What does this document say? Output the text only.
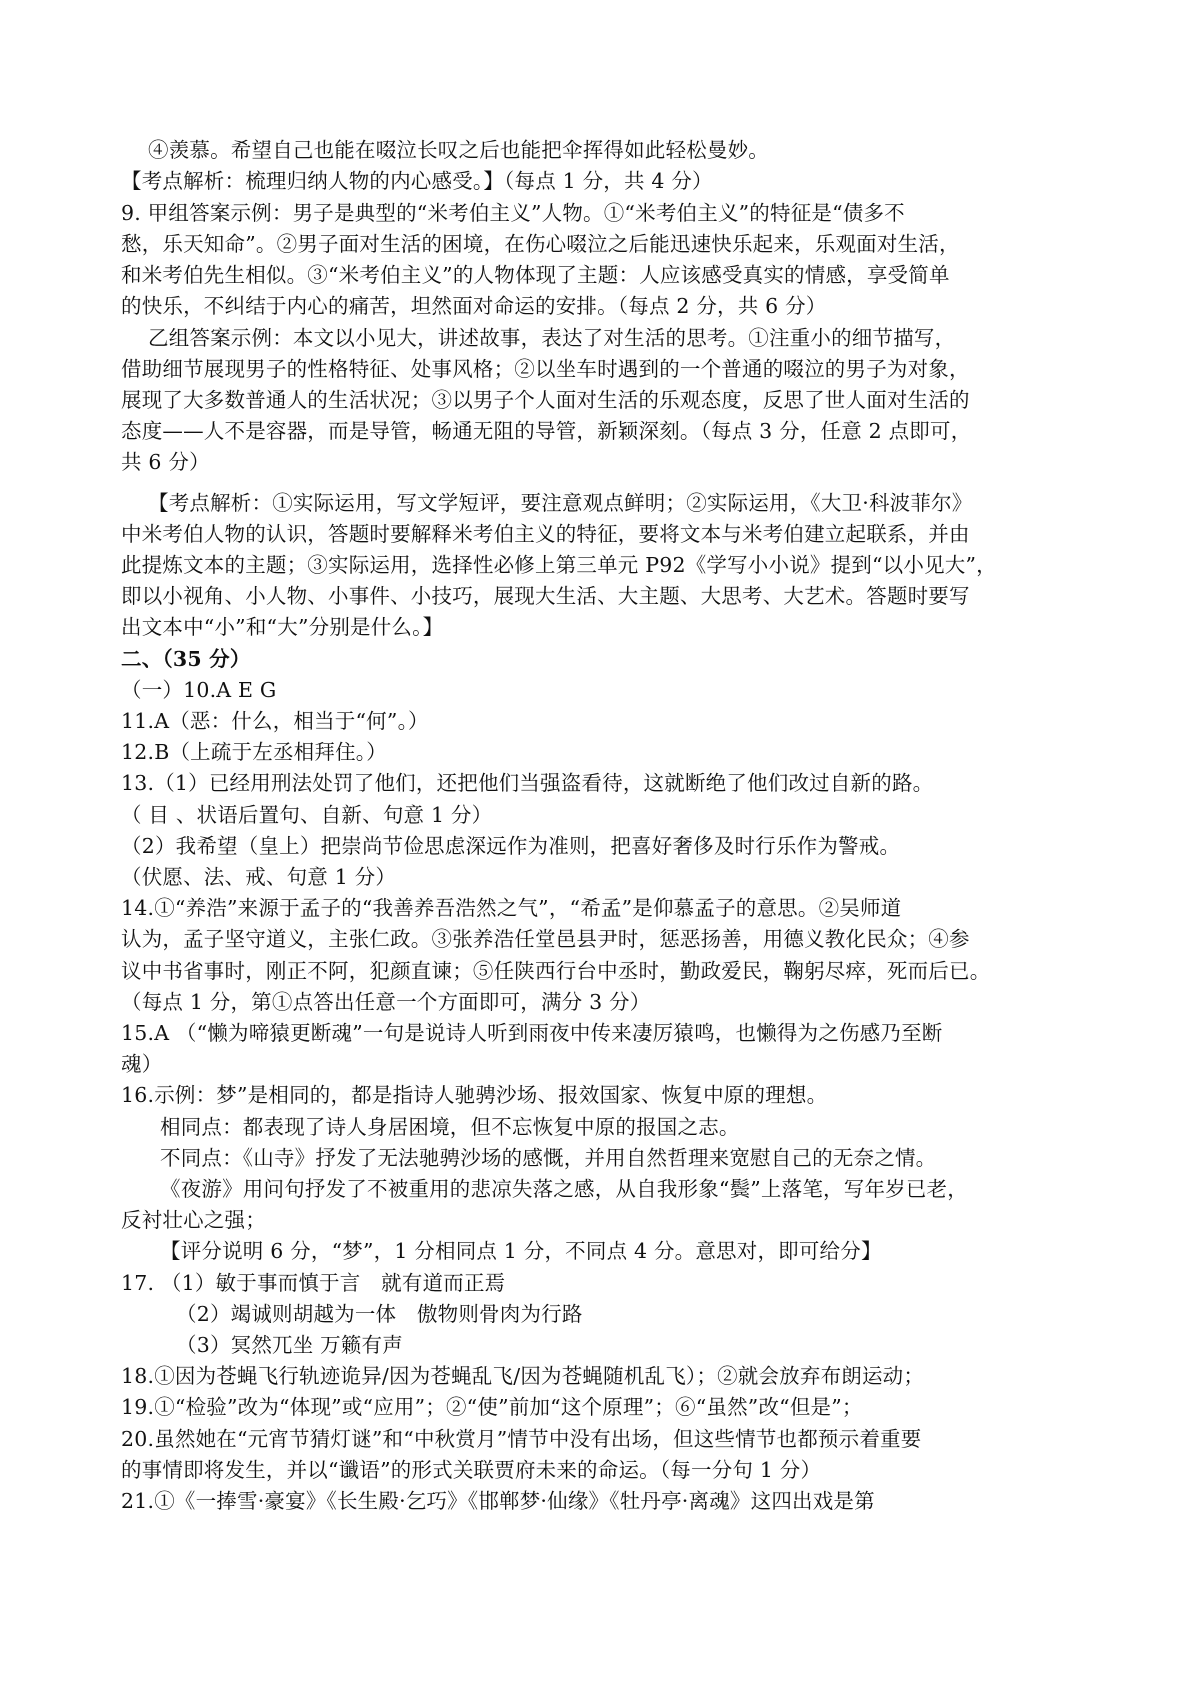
④羡慕。希望自己也能在啜泣长叹之后也能把伞挥得如此轻松曼妙。
【考点解析：梳理归纳人物的内心感受。】（每点 1 分，共 4 分）
9. 甲组答案示例：男子是典型的“米考伯主义”人物。①“米考伯主义”的特征是“债多不
愁，乐天知命”。②男子面对生活的困境，在伤心啜泣之后能迅速快乐起来，乐观面对生活，
和米考伯先生相似。③“米考伯主义”的人物体现了主题：人应该感受真实的情感，享受简单
的快乐，不纠结于内心的痛苦，坦然面对命运的安排。（每点 2 分，共 6 分）
乙组答案示例：本文以小见大，讲述故事，表达了对生活的思考。①注重小的细节描写，
借助细节展现男子的性格特征、处事风格；②以坐车时遇到的一个普通的啜泣的男子为对象，
展现了大多数普通人的生活状况；③以男子个人面对生活的乐观态度，反思了世人面对生活的
态度——人不是容器，而是导管，畅通无阻的导管，新颖深刻。（每点 3 分，任意 2 点即可，
共 6 分）
【考点解析：①实际运用，写文学短评，要注意观点鲜明；②实际运用，《大卫·科波菲尔》
中米考伯人物的认识，答题时要解释米考伯主义的特征，要将文本与米考伯建立起联系，并由
此提炼文本的主题；③实际运用，选择性必修上第三单元 P92《学写小小说》提到“以小见大”，
即以小视角、小人物、小事件、小技巧，展现大生活、大主题、大思考、大艺术。答题时要写
出文本中“小”和“大”分别是什么。】
二、（35 分）
（一）10.A E G
11.A（恶：什么，相当于“何”。）
12.B（上疏于左丞相拜住。）
13.（1）已经用刑法处罚了他们，还把他们当强盗看待，这就断绝了他们改过自新的路。
（ 目 、状语后置句、自新、句意 1 分）
（2）我希望（皇上）把崇尚节俭思虑深远作为准则，把喜好奢侈及时行乐作为警戒。
（伏愿、法、戒、句意 1 分）
14.①“养浩”来源于孟子的“我善养吾浩然之气”，“希孟”是仰慕孟子的意思。②吴师道
认为，孟子坚守道义，主张仁政。③张养浩任堂邑县尹时，惩恶扬善，用德义教化民众；④参
议中书省事时，刚正不阿，犯颜直谏；⑤任陕西行台中丞时，勤政爱民，鞠躬尽瘁，死而后已。
（每点 1 分，第①点答出任意一个方面即可，满分 3 分）
15.A （“懒为啼猿更断魂”一句是说诗人听到雨夜中传来凄厉猿鸣，也懒得为之伤感乃至断
魂）
16.示例：梦”是相同的，都是指诗人驰骋沙场、报效国家、恢复中原的理想。
相同点：都表现了诗人身居困境，但不忘恢复中原的报国之志。
不同点：《山寺》抒发了无法驰骋沙场的感慨，并用自然哲理来宽慰自己的无奈之情。
《夜游》用问句抒发了不被重用的悲凉失落之感，从自我形象“鬓”上落笔，写年岁已老，
反衬壮心之强；
【评分说明 6 分，“梦”，1 分相同点 1 分，不同点 4 分。意思对，即可给分】
17. （1）敏于事而慎于言　就有道而正焉
（2）竭诚则胡越为一体　傲物则骨肉为行路
（3）冥然兀坐 万籁有声
18.①因为苍蝇飞行轨迹诡异/因为苍蝇乱飞/因为苍蝇随机乱飞）；②就会放弃布朗运动；
19.①“检验”改为“体现”或“应用”；②“使”前加“这个原理”；⑥“虽然”改“但是”；
20.虽然她在“元宵节猜灯谜”和“中秋赏月”情节中没有出场，但这些情节也都预示着重要
的事情即将发生，并以“谶语”的形式关联贾府未来的命运。（每一分句 1 分）
21.①《一捧雪·豪宴》《长生殿·乞巧》《邯郸梦·仙缘》《牡丹亭·离魂》这四出戏是第
